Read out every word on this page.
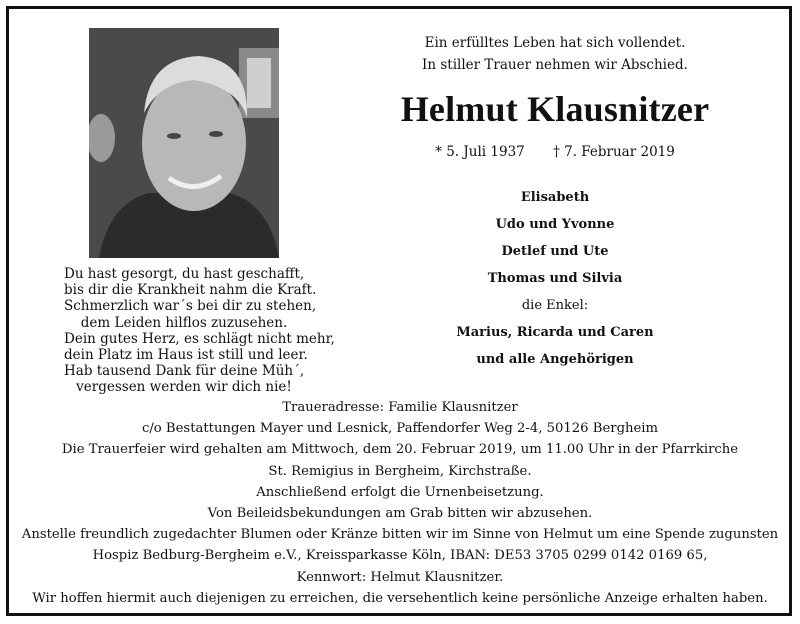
Du hast gesorgt, du hast geschafft,
bis dir die Krankheit nahm die Kraft.
Schmerzlich war´s bei dir zu stehen,
dem Leiden hilflos zuzusehen.
Dein gutes Herz, es schlägt nicht mehr,
dein Platz im Haus ist still und leer.
Hab tausend Dank für deine Müh´,
vergessen werden wir dich nie!
Ein erfülltes Leben hat sich vollendet.
In stiller Trauer nehmen wir Abschied.
Helmut Klausnitzer
* 5. Juli 1937 † 7. Februar 2019
Elisabeth
Udo und Yvonne
Detlef und Ute
Thomas und Silvia
die Enkel:
Marius, Ricarda und Caren
und alle Angehörigen
Traueradresse: Familie Klausnitzer
c/o Bestattungen Mayer und Lesnick, Paffendorfer Weg 2-4, 50126 Bergheim
Die Trauerfeier wird gehalten am Mittwoch, dem 20. Februar 2019, um 11.00 Uhr in der Pfarrkirche
St. Remigius in Bergheim, Kirchstraße.
Anschließend erfolgt die Urnenbeisetzung.
Von Beileidsbekundungen am Grab bitten wir abzusehen.
Anstelle freundlich zugedachter Blumen oder Kränze bitten wir im Sinne von Helmut um eine Spende zugunsten
Hospiz Bedburg-Bergheim e.V., Kreissparkasse Köln, IBAN: DE53 3705 0299 0142 0169 65,
Kennwort: Helmut Klausnitzer.
Wir hoffen hiermit auch diejenigen zu erreichen, die versehentlich keine persönliche Anzeige erhalten haben.
